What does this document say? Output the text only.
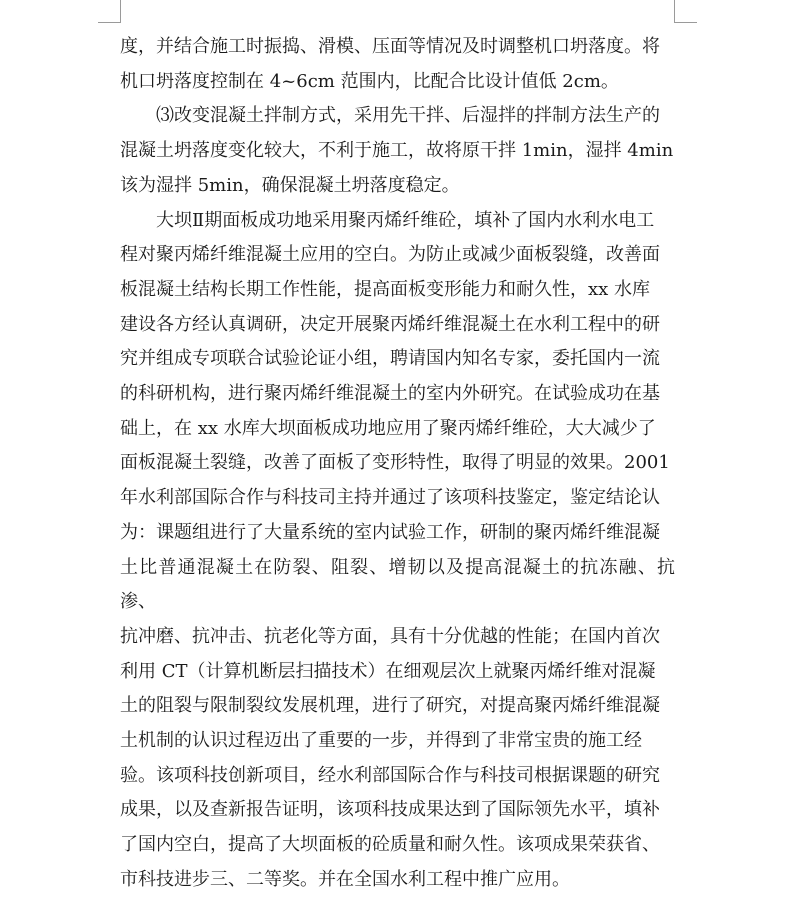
度，并结合施工时振捣、滑模、压面等情况及时调整机口坍落度。将
机口坍落度控制在 4~6cm 范围内，比配合比设计值低 2cm。

⑶改变混凝土拌制方式，采用先干拌、后湿拌的拌制方法生产的
混凝土坍落度变化较大，不利于施工，故将原干拌 1min，湿拌 4min
该为湿拌 5min，确保混凝土坍落度稳定。

大坝Ⅱ期面板成功地采用聚丙烯纤维砼，填补了国内水利水电工
程对聚丙烯纤维混凝土应用的空白。为防止或减少面板裂缝，改善面
板混凝土结构长期工作性能，提高面板变形能力和耐久性，xx 水库
建设各方经认真调研，决定开展聚丙烯纤维混凝土在水利工程中的研
究并组成专项联合试验论证小组，聘请国内知名专家，委托国内一流
的科研机构，进行聚丙烯纤维混凝土的室内外研究。在试验成功在基
础上，在 xx 水库大坝面板成功地应用了聚丙烯纤维砼，大大减少了
面板混凝土裂缝，改善了面板了变形特性，取得了明显的效果。2001
年水利部国际合作与科技司主持并通过了该项科技鉴定，鉴定结论认
为：课题组进行了大量系统的室内试验工作，研制的聚丙烯纤维混凝
土比普通混凝土在防裂、阻裂、增韧以及提高混凝土的抗冻融、抗渗、
抗冲磨、抗冲击、抗老化等方面，具有十分优越的性能；在国内首次
利用 CT（计算机断层扫描技术）在细观层次上就聚丙烯纤维对混凝
土的阻裂与限制裂纹发展机理，进行了研究，对提高聚丙烯纤维混凝
土机制的认识过程迈出了重要的一步，并得到了非常宝贵的施工经
验。该项科技创新项目，经水利部国际合作与科技司根据课题的研究
成果，以及查新报告证明，该项科技成果达到了国际领先水平，填补
了国内空白，提高了大坝面板的砼质量和耐久性。该项成果荣获省、
市科技进步三、二等奖。并在全国水利工程中推广应用。
